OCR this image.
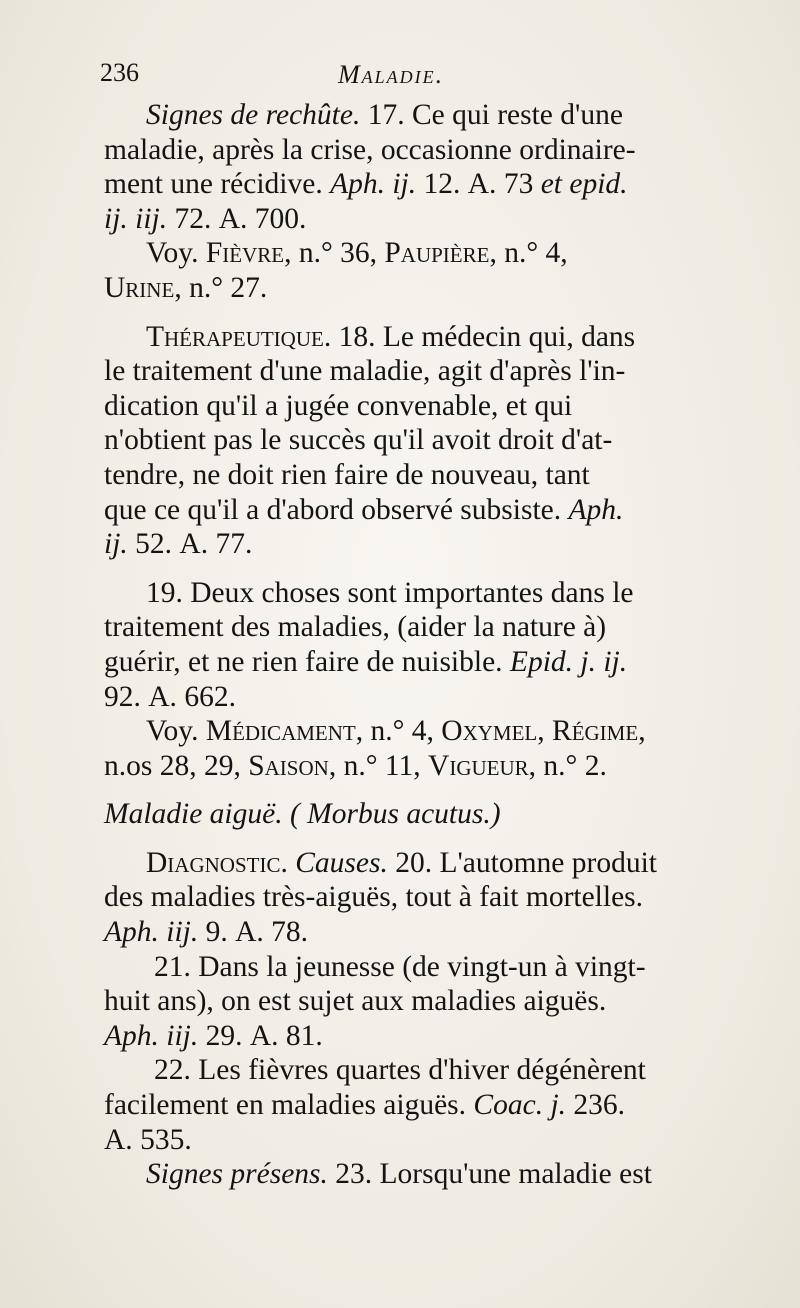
236	Maladie.
Signes de rechûte. 17. Ce qui reste d'une
maladie, après la crise, occasionne ordinaire-
ment une récidive. Aph. ij. 12. A. 73 et epid.
ij. iij. 72. A. 700.
Voy. Fièvre, n.° 36, Paupière, n.° 4,
Urine, n.° 27.
Thérapeutique. 18. Le médecin qui, dans
le traitement d'une maladie, agit d'après l'in-
dication qu'il a jugée convenable, et qui
n'obtient pas le succès qu'il avoit droit d'at-
tendre, ne doit rien faire de nouveau, tant
que ce qu'il a d'abord observé subsiste. Aph.
ij. 52. A. 77.
19. Deux choses sont importantes dans le
traitement des maladies, (aider la nature à)
guérir, et ne rien faire de nuisible. Epid. j. ij.
92. A. 662.
Voy. Médicament, n.° 4, Oxymel, Régime,
n.os 28, 29, Saison, n.° 11, Vigueur, n.° 2.
Maladie aiguë. ( Morbus acutus.)
Diagnostic. Causes. 20. L'automne produit
des maladies très-aiguës, tout à fait mortelles.
Aph. iij. 9. A. 78.
21. Dans la jeunesse (de vingt-un à vingt-
huit ans), on est sujet aux maladies aiguës.
Aph. iij. 29. A. 81.
22. Les fièvres quartes d'hiver dégénèrent
facilement en maladies aiguës. Coac. j. 236.
A. 535.
Signes présens. 23. Lorsqu'une maladie est
